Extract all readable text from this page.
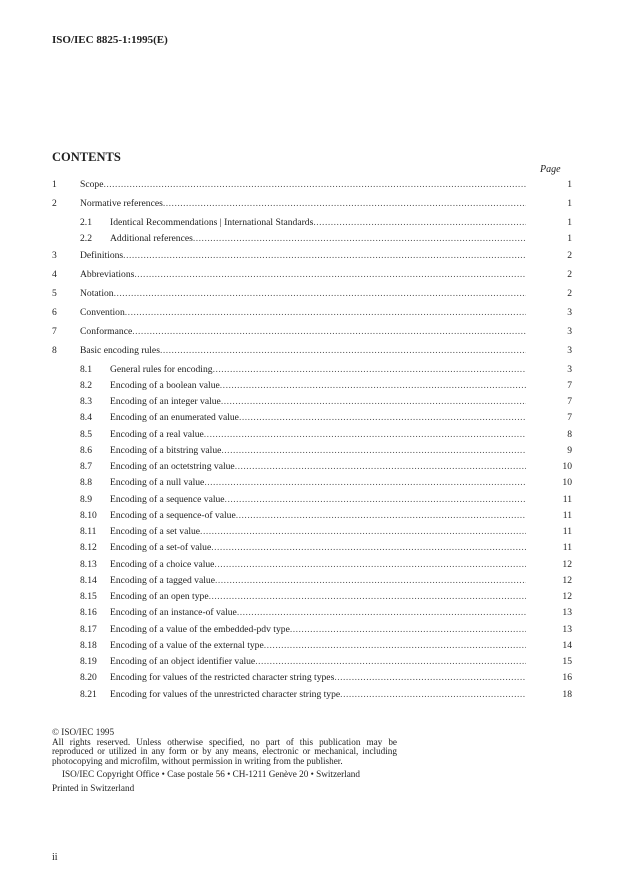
ISO/IEC 8825-1:1995(E)
CONTENTS
Page
1 Scope .....	1
2 Normative references .....	1
2.1 Identical Recommendations | International Standards .....	1
2.2 Additional references .....	1
3 Definitions .....	2
4 Abbreviations .....	2
5 Notation .....	2
6 Convention .....	3
7 Conformance .....	3
8 Basic encoding rules .....	3
8.1 General rules for encoding .....	3
8.2 Encoding of a boolean value .....	7
8.3 Encoding of an integer value .....	7
8.4 Encoding of an enumerated value .....	7
8.5 Encoding of a real value .....	8
8.6 Encoding of a bitstring value .....	9
8.7 Encoding of an octetstring value .....	10
8.8 Encoding of a null value .....	10
8.9 Encoding of a sequence value .....	11
8.10 Encoding of a sequence-of value .....	11
8.11 Encoding of a set value .....	11
8.12 Encoding of a set-of value .....	11
8.13 Encoding of a choice value .....	12
8.14 Encoding of a tagged value .....	12
8.15 Encoding of an open type .....	12
8.16 Encoding of an instance-of value .....	13
8.17 Encoding of a value of the embedded-pdv type .....	13
8.18 Encoding of a value of the external type .....	14
8.19 Encoding of an object identifier value .....	15
8.20 Encoding for values of the restricted character string types .....	16
8.21 Encoding for values of the unrestricted character string type .....	18

© ISO/IEC 1995

All rights reserved. Unless otherwise specified, no part of this publication may be

reproduced or utilized in any form or by any means, electronic or mechanical, including

photocopying and microfilm, without permission in writing from the publisher.

ISO/IEC Copyright Office • Case postale 56 • CH-1211 Genève 20 • Switzerland

Printed in Switzerland

ii
